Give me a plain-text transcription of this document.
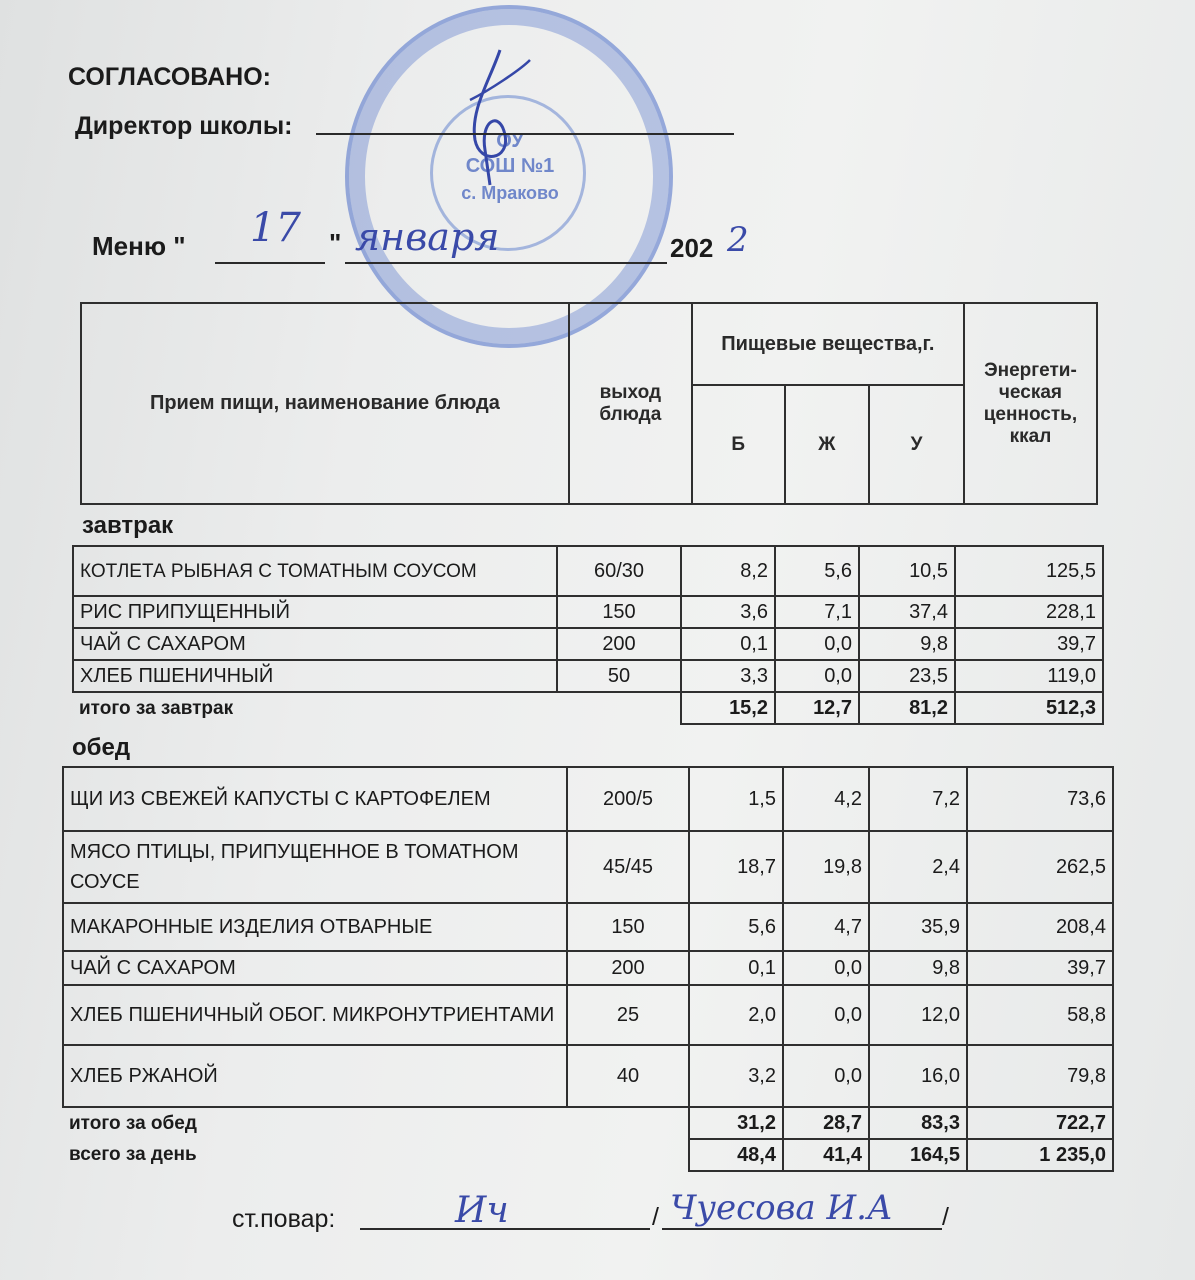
ОУ
СОШ №1
с. Мраково
СОГЛАСОВАНО:
Директор школы:
Меню " 17 " января	202 2
Прием пищи, наименование блюда	выход блюда	Пищевые вещества,г.			Энергети-ческая ценность, ккал
		Б	Ж	У	
завтрак
КОТЛЕТА РЫБНАЯ С ТОМАТНЫМ СОУСОМ	60/30	8,2	5,6	10,5	125,5
РИС ПРИПУЩЕННЫЙ	150	3,6	7,1	37,4	228,1
ЧАЙ С САХАРОМ	200	0,1	0,0	9,8	39,7
ХЛЕБ ПШЕНИЧНЫЙ	50	3,3	0,0	23,5	119,0
итого за завтрак		15,2	12,7	81,2	512,3
обед
ЩИ ИЗ СВЕЖЕЙ КАПУСТЫ С КАРТОФЕЛЕМ	200/5	1,5	4,2	7,2	73,6
МЯСО ПТИЦЫ, ПРИПУЩЕННОЕ В ТОМАТНОМ СОУСЕ	45/45	18,7	19,8	2,4	262,5
МАКАРОННЫЕ ИЗДЕЛИЯ ОТВАРНЫЕ	150	5,6	4,7	35,9	208,4
ЧАЙ С САХАРОМ	200	0,1	0,0	9,8	39,7
ХЛЕБ ПШЕНИЧНЫЙ ОБОГ. МИКРОНУТРИЕНТАМИ	25	2,0	0,0	12,0	58,8
ХЛЕБ РЖАНОЙ	40	3,2	0,0	16,0	79,8
итого за обед		31,2	28,7	83,3	722,7
всего за день		48,4	41,4	164,5	1 235,0
ст.повар:	Ич	/ Чуесова И.А /
